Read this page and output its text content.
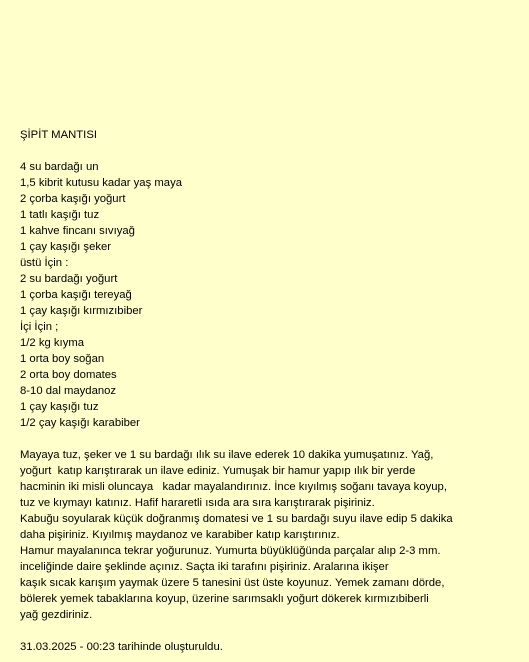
ŞİPİT MANTISI
4 su bardağı un
1,5 kibrit kutusu kadar yaş maya
2 çorba kaşığı yoğurt
1 tatlı kaşığı tuz
1 kahve fincanı sıvıyağ
1 çay kaşığı şeker
üstü İçin :
2 su bardağı yoğurt
1 çorba kaşığı tereyağ
1 çay kaşığı kırmızıbiber
İçi İçin ;
1/2 kg kıyma
1 orta boy soğan
2 orta boy domates
8-10 dal maydanoz
1 çay kaşığı tuz
1/2 çay kaşığı karabiber
Mayaya tuz, şeker ve 1 su bardağı ılık su ilave ederek 10 dakika yumuşatınız. Yağ,
yoğurt  katıp karıştırarak un ilave ediniz. Yumuşak bir hamur yapıp ılık bir yerde
hacminin iki misli oluncaya   kadar mayalandırınız. İnce kıyılmış soğanı tavaya koyup,
tuz ve kıymayı katınız. Hafif hararetli ısıda ara sıra karıştırarak pişiriniz.
Kabuğu soyularak küçük doğranmış domatesi ve 1 su bardağı suyu ilave edip 5 dakika
daha pişiriniz. Kıyılmış maydanoz ve karabiber katıp karıştırınız.
Hamur mayalanınca tekrar yoğurunuz. Yumurta büyüklüğünda parçalar alıp 2-3 mm.
inceliğinde daire şeklinde açınız. Saçta iki tarafını pişiriniz. Aralarına ikişer
kaşık sıcak karışım yaymak üzere 5 tanesini üst üste koyunuz. Yemek zamanı dörde,
bölerek yemek tabaklarına koyup, üzerine sarımsaklı yoğurt dökerek kırmızıbiberli
yağ gezdiriniz.
31.03.2025 - 00:23 tarihinde oluşturuldu.
